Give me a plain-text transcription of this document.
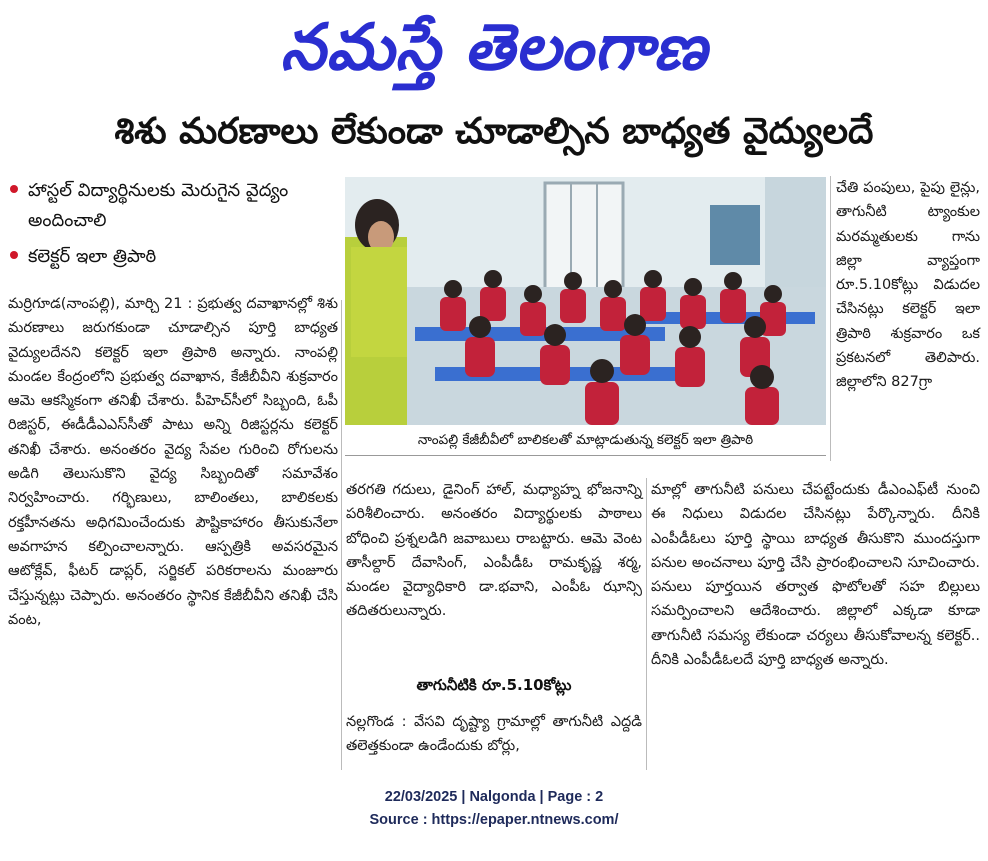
నమస్తే తెలంగాణ
శిశు మరణాలు లేకుండా చూడాల్సిన బాధ్యత వైద్యులదే
హాస్టల్ విద్యార్థినులకు మెరుగైన వైద్యం అందించాలి
కలెక్టర్ ఇలా త్రిపాఠి

మర్రిగూడ(నాంపల్లి), మార్చి 21 : ప్రభుత్వ దవాఖానల్లో శిశు మరణాలు జరుగకుండా చూడాల్సిన పూర్తి బాధ్యత వైద్యులదేనని కలెక్టర్ ఇలా త్రిపాఠి అన్నారు. నాంపల్లి మండల కేంద్రంలోని ప్రభుత్వ దవాఖాన, కేజీబీవీని శుక్రవారం ఆమె ఆకస్మికంగా తనిఖీ చేశారు. పీహెచ్‌సీలో సిబ్బంది, ఓపీ రిజిస్టర్, ఈడీడీఎఎస్‌సీతో పాటు అన్ని రిజిస్టర్లను కలెక్టర్ తనిఖీ చేశారు. అనంతరం వైద్య సేవల గురించి రోగులను అడిగి తెలుసుకొని వైద్య సిబ్బందితో సమావేశం నిర్వహించారు. గర్భిణులు, బాలింతలు, బాలికలకు రక్తహీనతను అధిగమించేందుకు పౌష్టికాహారం తీసుకునేలా అవగాహన కల్పించాలన్నారు. ఆస్పత్రికి అవసరమైన ఆటోక్లేవ్, ఫీటర్ డాప్లర్, సర్జికల్ పరికరాలను మంజూరు చేస్తున్నట్లు చెప్పారు. అనంతరం స్థానిక కేజీబీవీని తనిఖీ చేసి వంట,

నాంపల్లి కేజీబీవీలో బాలికలతో మాట్లాడుతున్న కలెక్టర్ ఇలా త్రిపాఠి

చేతి పంపులు, పైపు లైన్లు, తాగునీటి ట్యాంకుల మరమ్మతులకు గాను జిల్లా వ్యాప్తంగా రూ.5.10కోట్లు విడుదల చేసినట్లు కలెక్టర్ ఇలా త్రిపాఠి శుక్రవారం ఒక ప్రకటనలో తెలిపారు. జిల్లాలోని 827గ్రా

తరగతి గదులు, డైనింగ్ హాల్, మధ్యాహ్న భోజనాన్ని పరిశీలించారు. అనంతరం విద్యార్థులకు పాఠాలు బోధించి ప్రశ్నలడిగి జవాబులు రాబట్టారు. ఆమె వెంట తాసీల్దార్ దేవాసింగ్, ఎంపీడీఓ రామకృష్ణ శర్మ, మండల వైద్యాధికారి డా.భవాని, ఎంపీఓ ఝాన్సి తదితరులున్నారు.

తాగునీటికి రూ.5.10కోట్లు

నల్లగొండ : వేసవి దృష్ట్యా గ్రామాల్లో తాగునీటి ఎద్దడి తలెత్తకుండా ఉండేందుకు బోర్లు,

మాల్లో తాగునీటి పనులు చేపట్టేందుకు డీఎంఎఫ్‌టీ నుంచి ఈ నిధులు విడుదల చేసినట్లు పేర్కొన్నారు. దీనికి ఎంపీడీఓలు పూర్తి స్థాయి బాధ్యత తీసుకొని ముందస్తుగా పనుల అంచనాలు పూర్తి చేసి ప్రారంభించాలని సూచించారు. పనులు పూర్తయిన తర్వాత ఫొటోలతో సహ బిల్లులు సమర్పించాలని ఆదేశించారు. జిల్లాలో ఎక్కడా కూడా తాగునీటి సమస్య లేకుండా చర్యలు తీసుకోవాలన్న కలెక్టర్.. దీనికి ఎంపీడీఓలదే పూర్తి బాధ్యత అన్నారు.

22/03/2025 | Nalgonda | Page : 2
Source : https://epaper.ntnews.com/
